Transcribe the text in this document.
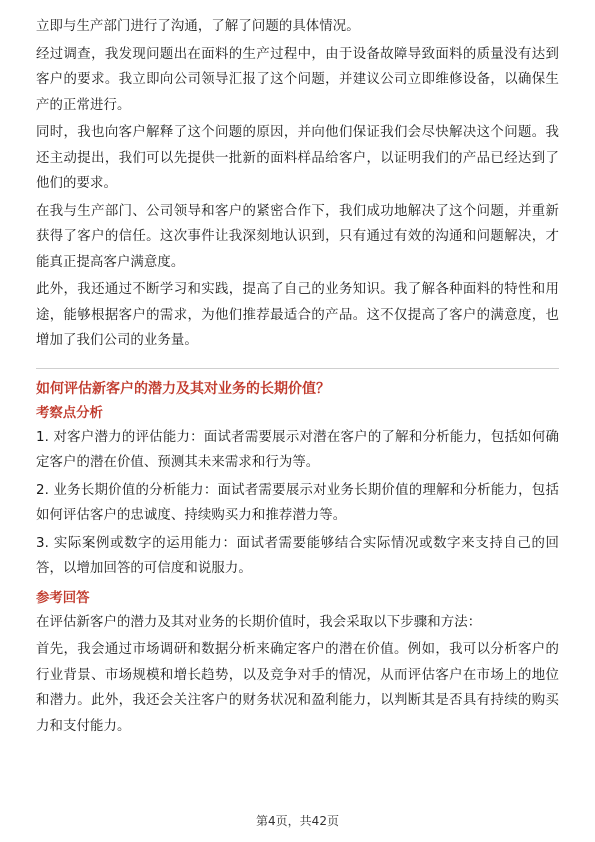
立即与生产部门进行了沟通，了解了问题的具体情况。

经过调查，我发现问题出在面料的生产过程中，由于设备故障导致面料的质量没有达到客户的要求。我立即向公司领导汇报了这个问题，并建议公司立即维修设备，以确保生产的正常进行。

同时，我也向客户解释了这个问题的原因，并向他们保证我们会尽快解决这个问题。我还主动提出，我们可以先提供一批新的面料样品给客户，以证明我们的产品已经达到了他们的要求。

在我与生产部门、公司领导和客户的紧密合作下，我们成功地解决了这个问题，并重新获得了客户的信任。这次事件让我深刻地认识到，只有通过有效的沟通和问题解决，才能真正提高客户满意度。

此外，我还通过不断学习和实践，提高了自己的业务知识。我了解各种面料的特性和用途，能够根据客户的需求，为他们推荐最适合的产品。这不仅提高了客户的满意度，也增加了我们公司的业务量。

如何评估新客户的潜力及其对业务的长期价值？

考察点分析

1. 对客户潜力的评估能力：面试者需要展示对潜在客户的了解和分析能力，包括如何确定客户的潜在价值、预测其未来需求和行为等。

2. 业务长期价值的分析能力：面试者需要展示对业务长期价值的理解和分析能力，包括如何评估客户的忠诚度、持续购买力和推荐潜力等。

3. 实际案例或数字的运用能力：面试者需要能够结合实际情况或数字来支持自己的回答，以增加回答的可信度和说服力。

参考回答

在评估新客户的潜力及其对业务的长期价值时，我会采取以下步骤和方法：

首先，我会通过市场调研和数据分析来确定客户的潜在价值。例如，我可以分析客户的行业背景、市场规模和增长趋势，以及竞争对手的情况，从而评估客户在市场上的地位和潜力。此外，我还会关注客户的财务状况和盈利能力，以判断其是否具有持续的购买力和支付能力。

第4页，共42页
